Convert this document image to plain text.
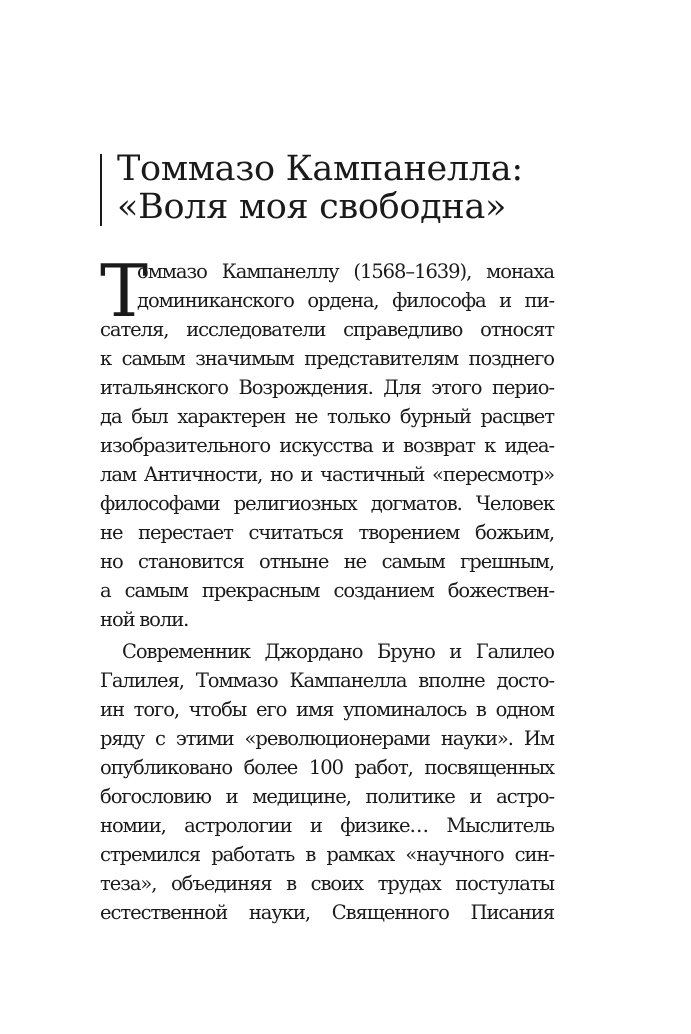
Томмазо Кампанелла:
«Воля моя свободна»
Т
оммазо Кампанеллу (1568–1639), монаха
доминиканского ордена, философа и пи-
сателя, исследователи справедливо относят
к самым значимым представителям позднего
итальянского Возрождения. Для этого перио-
да был характерен не только бурный расцвет
изобразительного искусства и возврат к идеа-
лам Античности, но и частичный «пересмотр»
философами религиозных догматов. Человек
не перестает считаться творением божьим,
но становится отныне не самым грешным,
а самым прекрасным созданием божествен-
ной воли.
Современник Джордано Бруно и Галилео
Галилея, Томмазо Кампанелла вполне досто-
ин того, чтобы его имя упоминалось в одном
ряду с этими «революционерами науки». Им
опубликовано более 100 работ, посвященных
богословию и медицине, политике и астро-
номии, астрологии и физике… Мыслитель
стремился работать в рамках «научного син-
теза», объединяя в своих трудах постулаты
естественной науки, Священного Писания
